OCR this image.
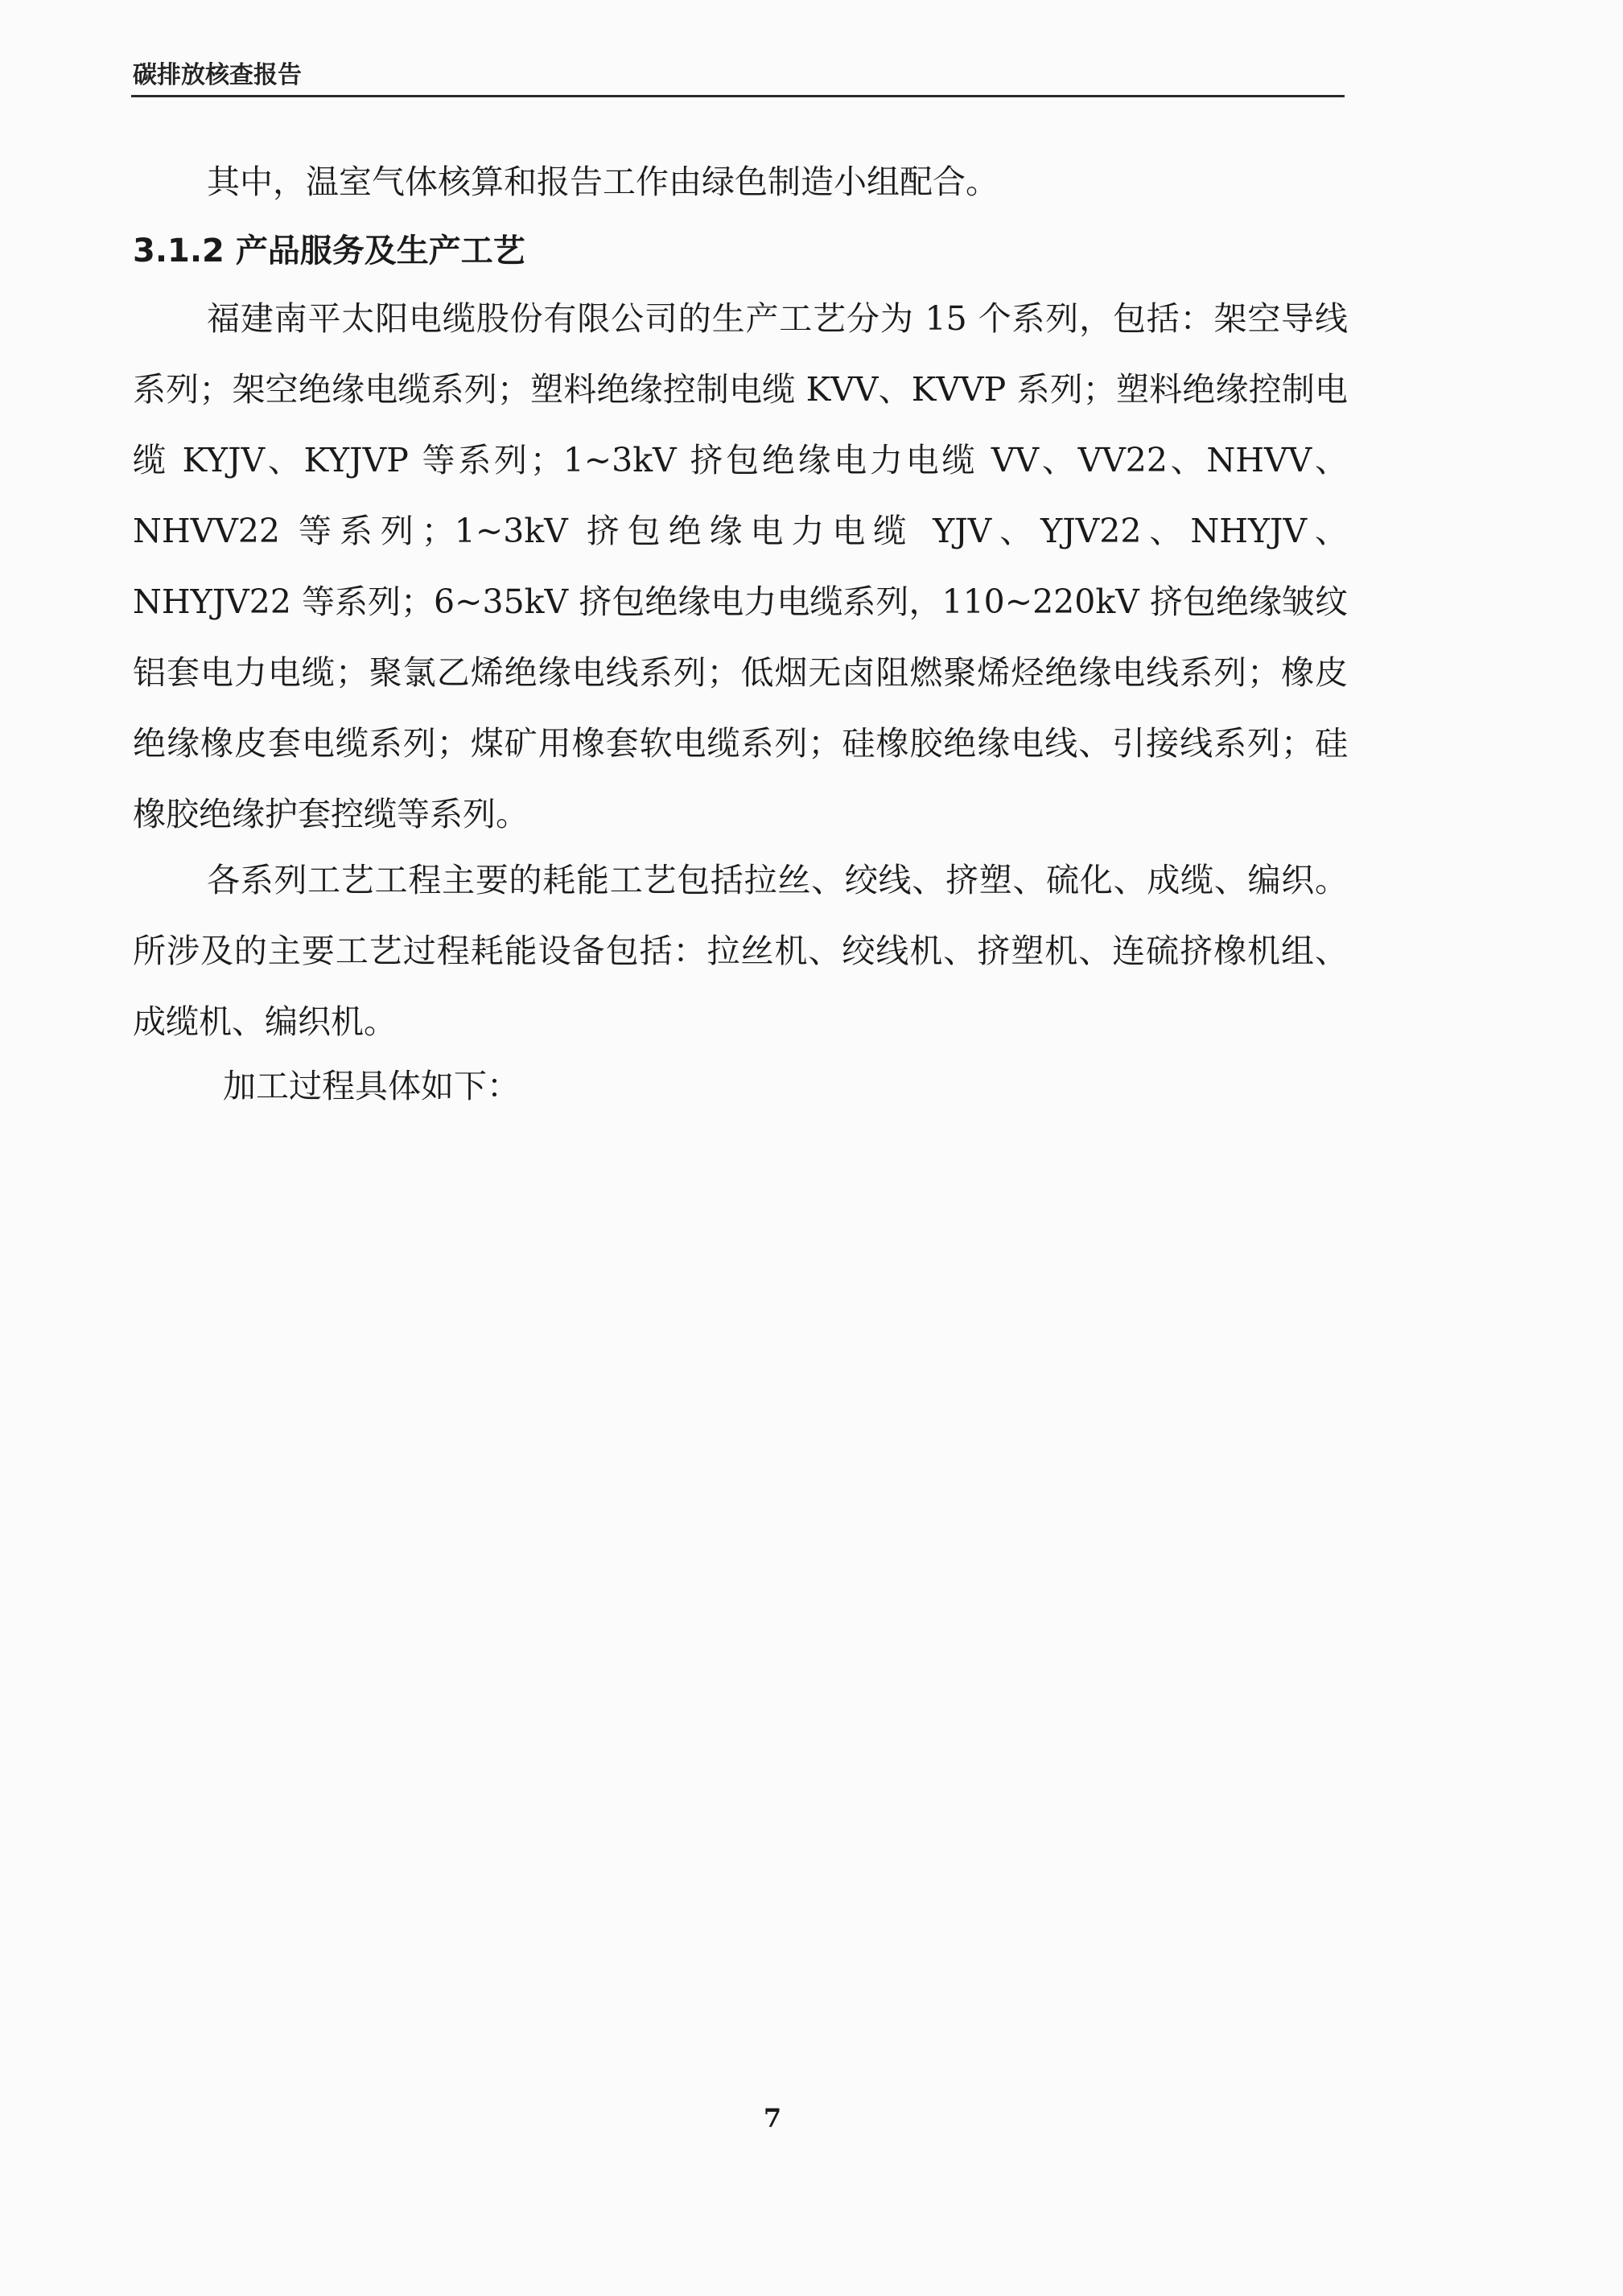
碳排放核查报告
其中，温室气体核算和报告工作由绿色制造小组配合。
3.1.2 产品服务及生产工艺
福建南平太阳电缆股份有限公司的生产工艺分为 15 个系列，包括：架空导线系列；架空绝缘电缆系列；塑料绝缘控制电缆 KVV、KVVP 系列；塑料绝缘控制电缆 KYJV、KYJVP 等系列；1~3kV 挤包绝缘电力电缆 VV、VV22、NHVV、NHVV22 等系列；1~3kV 挤包绝缘电力电缆 YJV、YJV22、NHYJV、NHYJV22 等系列；6~35kV 挤包绝缘电力电缆系列，110~220kV 挤包绝缘皱纹铝套电力电缆；聚氯乙烯绝缘电线系列；低烟无卤阻燃聚烯烃绝缘电线系列；橡皮绝缘橡皮套电缆系列；煤矿用橡套软电缆系列；硅橡胶绝缘电线、引接线系列；硅橡胶绝缘护套控缆等系列。
各系列工艺工程主要的耗能工艺包括拉丝、绞线、挤塑、硫化、成缆、编织。所涉及的主要工艺过程耗能设备包括：拉丝机、绞线机、挤塑机、连硫挤橡机组、成缆机、编织机。
加工过程具体如下：
7
